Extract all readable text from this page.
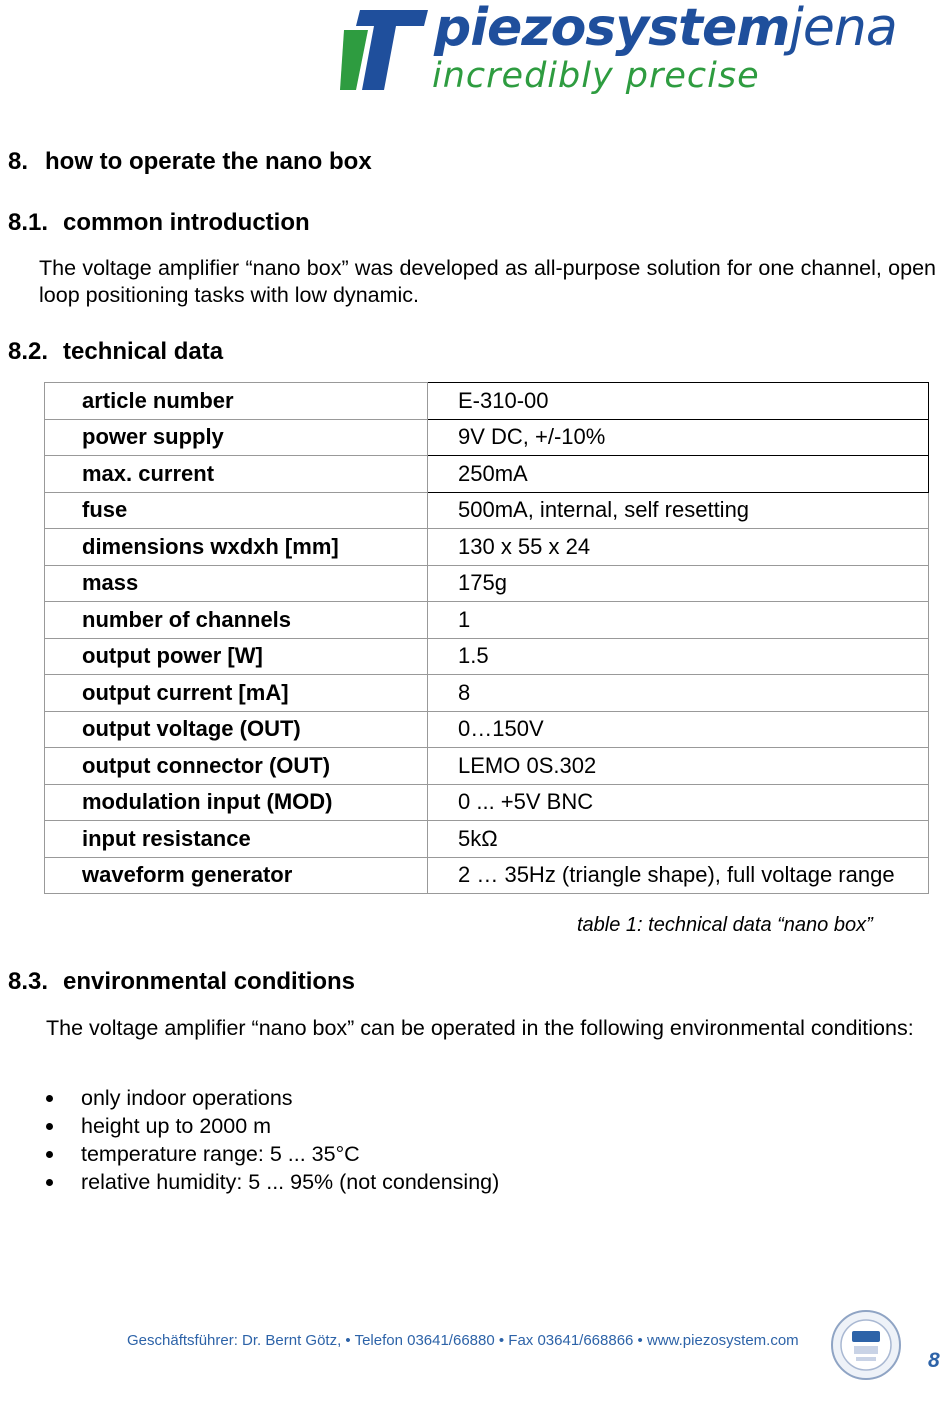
piezosystemjena
incredibly precise
8. how to operate the nano box
8.1. common introduction
The voltage amplifier “nano box” was developed as all-purpose solution for one channel, open loop positioning tasks with low dynamic.
8.2. technical data
article number	E-310-00
power supply	9V DC, +/-10%
max. current	250mA
fuse	500mA, internal, self resetting
dimensions wxdxh [mm]	130 x 55 x 24
mass	175g
number of channels	1
output power [W]	1.5
output current [mA]	8
output voltage (OUT)	0…150V
output connector (OUT)	LEMO 0S.302
modulation input (MOD)	0 ... +5V BNC
input resistance	5kΩ
waveform generator	2 … 35Hz (triangle shape), full voltage range
table 1: technical data “nano box”
8.3. environmental conditions
The voltage amplifier “nano box” can be operated in the following environmental conditions:
only indoor operations
height up to 2000 m
temperature range: 5 ... 35°C
relative humidity: 5 ... 95% (not condensing)
Geschäftsführer: Dr. Bernt Götz, • Telefon 03641/66880 • Fax 03641/668866 • www.piezosystem.com
8
